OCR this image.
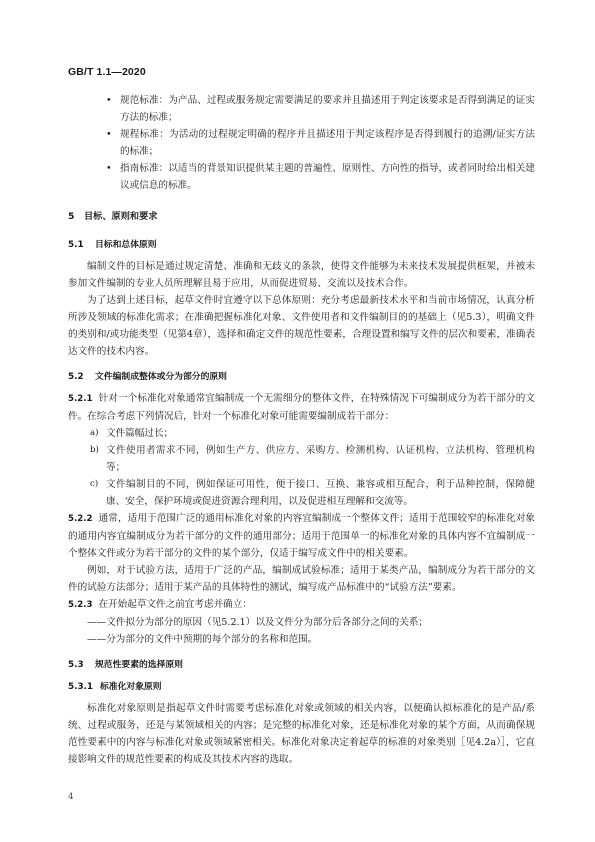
GB/T 1.1—2020

• 规范标准：为产品、过程或服务规定需要满足的要求并且描述用于判定该要求是否得到满足的证实方法的标准；

• 规程标准：为活动的过程规定明确的程序并且描述用于判定该程序是否得到履行的追溯/证实方法的标准；

• 指南标准：以适当的背景知识提供某主题的普遍性、原则性、方向性的指导，或者同时给出相关建议或信息的标准。

5 目标、原则和要求

5.1 目标和总体原则

编制文件的目标是通过规定清楚、准确和无歧义的条款，使得文件能够为未来技术发展提供框架，并被未参加文件编制的专业人员所理解且易于应用，从而促进贸易、交流以及技术合作。

为了达到上述目标，起草文件时宜遵守以下总体原则：充分考虑最新技术水平和当前市场情况，认真分析所涉及领域的标准化需求；在准确把握标准化对象、文件使用者和文件编制目的的基础上（见5.3），明确文件的类别和/或功能类型（见第4章），选择和确定文件的规范性要素，合理设置和编写文件的层次和要素，准确表达文件的技术内容。

5.2 文件编制成整体或分为部分的原则

5.2.1 针对一个标准化对象通常宜编制成一个无需细分的整体文件，在特殊情况下可编制成分为若干部分的文件。在综合考虑下列情况后，针对一个标准化对象可能需要编制成若干部分：

a) 文件篇幅过长；

b) 文件使用者需求不同，例如生产方、供应方、采购方、检测机构、认证机构、立法机构、管理机构等；

c) 文件编制目的不同，例如保证可用性，便于接口、互换、兼容或相互配合，利于品种控制，保障健康、安全，保护环境或促进资源合理利用，以及促进相互理解和交流等。

5.2.2 通常，适用于范围广泛的通用标准化对象的内容宜编制成一个整体文件；适用于范围较窄的标准化对象的通用内容宜编制成分为若干部分的文件的通用部分；适用于范围单一的标准化对象的具体内容不宜编制成一个整体文件或分为若干部分的文件的某个部分，仅适于编写成文件中的相关要素。

例如，对于试验方法，适用于广泛的产品，编制成试验标准；适用于某类产品，编制成分为若干部分的文件的试验方法部分；适用于某产品的具体特性的测试，编写成产品标准中的“试验方法”要素。

5.2.3 在开始起草文件之前宜考虑并确立：

——文件拟分为部分的原因（见5.2.1）以及文件分为部分后各部分之间的关系；

——分为部分的文件中预期的每个部分的名称和范围。

5.3 规范性要素的选择原则

5.3.1 标准化对象原则

标准化对象原则是指起草文件时需要考虑标准化对象或领域的相关内容，以便确认拟标准化的是产品/系统、过程或服务，还是与某领域相关的内容；是完整的标准化对象，还是标准化对象的某个方面，从而确保规范性要素中的内容与标准化对象或领域紧密相关。标准化对象决定着起草的标准的对象类别［见4.2a）］，它直接影响文件的规范性要素的构成及其技术内容的选取。

4
